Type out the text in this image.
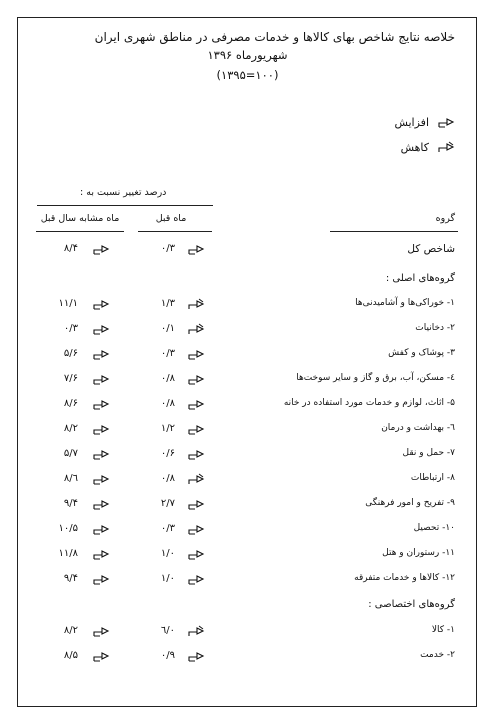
خلاصه نتایج شاخص بهای کالاها و خدمات مصرفی در مناطق شهری ایران
شهریورماه ۱۳۹۶
(۱۰۰=۱۳۹۵)
افزایش
کاهش
درصد تغییر نسبت به :
ماه مشابه سال قبل	ماه قبل	گروه
شاخص کل
۰/۳
۸/۴
گروه‌های اصلی :
۱- خوراکی‌ها و آشامیدنی‌ها
۱/۳
۱۱/۱
۲- دخانیات
۰/۱
۰/۳
۳- پوشاک و کفش
۰/۳
۵/۶
٤- مسکن، آب، برق و گاز و سایر سوخت‌ها
۰/۸
۷/۶
۵- اثاث، لوازم و خدمات مورد استفاده در خانه
۰/۸
۸/۶
٦- بهداشت و درمان
۱/۲
۸/۲
۷- حمل و نقل
۰/۶
۵/۷
۸- ارتباطات
۰/۸
٦/۸
۹- تفریح و امور فرهنگی
۲/۷
۹/۴
۱۰- تحصیل
۰/۳
۱۰/۵
۱۱- رستوران و هتل
۱/۰
۱۱/۸
۱۲- کالاها و خدمات متفرقه
۱/۰
۹/۴
گروه‌های اختصاصی :
۱- کالا
۰/٦
۸/۲
۲- خدمت
۰/۹
۸/۵
